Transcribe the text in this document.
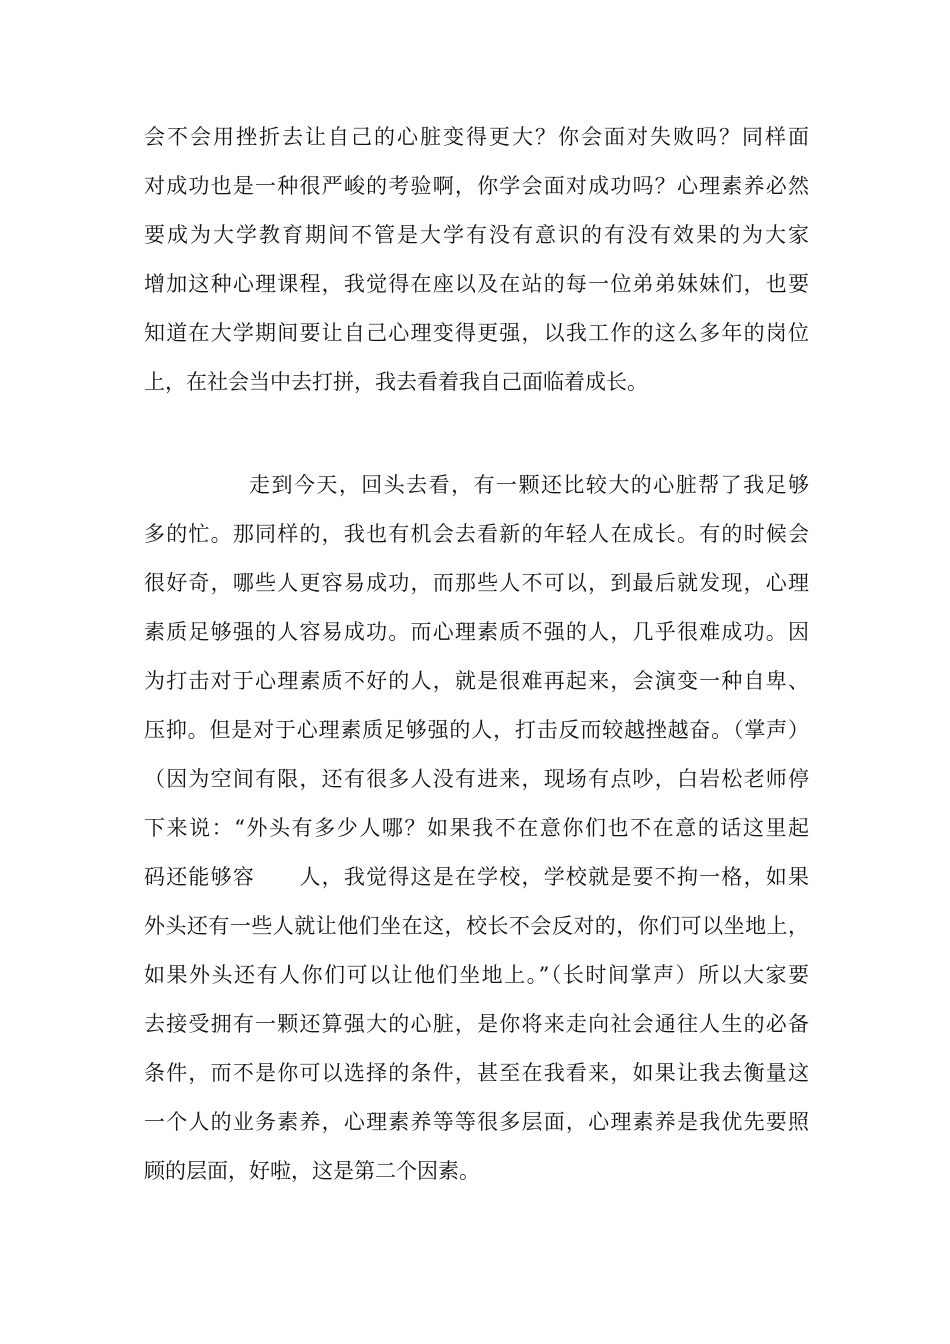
会不会用挫折去让自己的心脏变得更大？你会面对失败吗？同样面
对成功也是一种很严峻的考验啊，你学会面对成功吗？心理素养必然
要成为大学教育期间不管是大学有没有意识的有没有效果的为大家
增加这种心理课程，我觉得在座以及在站的每一位弟弟妹妹们，也要
知道在大学期间要让自己心理变得更强，以我工作的这么多年的岗位
上，在社会当中去打拼，我去看着我自己面临着成长。
走到今天，回头去看，有一颗还比较大的心脏帮了我足够
多的忙。那同样的，我也有机会去看新的年轻人在成长。有的时候会
很好奇，哪些人更容易成功，而那些人不可以，到最后就发现，心理
素质足够强的人容易成功。而心理素质不强的人，几乎很难成功。因
为打击对于心理素质不好的人，就是很难再起来，会演变一种自卑、
压抑。但是对于心理素质足够强的人，打击反而较越挫越奋。（掌声）
（因为空间有限，还有很多人没有进来，现场有点吵，白岩松老师停
下来说：“外头有多少人哪？如果我不在意你们也不在意的话这里起
码还能够容　　人，我觉得这是在学校，学校就是要不拘一格，如果
外头还有一些人就让他们坐在这，校长不会反对的，你们可以坐地上，
如果外头还有人你们可以让他们坐地上。”（长时间掌声）所以大家要
去接受拥有一颗还算强大的心脏，是你将来走向社会通往人生的必备
条件，而不是你可以选择的条件，甚至在我看来，如果让我去衡量这
一个人的业务素养，心理素养等等很多层面，心理素养是我优先要照
顾的层面，好啦，这是第二个因素。
